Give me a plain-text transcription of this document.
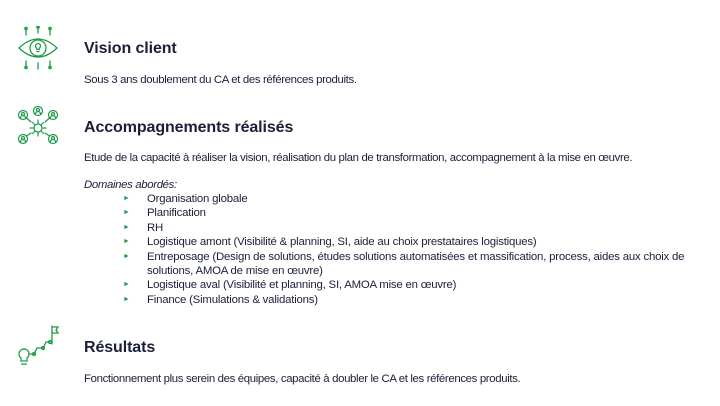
Vision client

Sous 3 ans doublement du CA et des références produits.

Accompagnements réalisés

Etude de la capacité à réaliser la vision, réalisation du plan de transformation, accompagnement à la mise en œuvre.

Domaines abordés:

► Organisation globale
► Planification
► RH
► Logistique amont (Visibilité & planning, SI, aide au choix prestataires logistiques)
► Entreposage (Design de solutions, études solutions automatisées et massification, process, aides aux choix de solutions, AMOA de mise en œuvre)
► Logistique aval (Visibilité et planning, SI, AMOA mise en œuvre)
► Finance (Simulations & validations)
Résultats

Fonctionnement plus serein des équipes, capacité à doubler le CA et les références produits.
